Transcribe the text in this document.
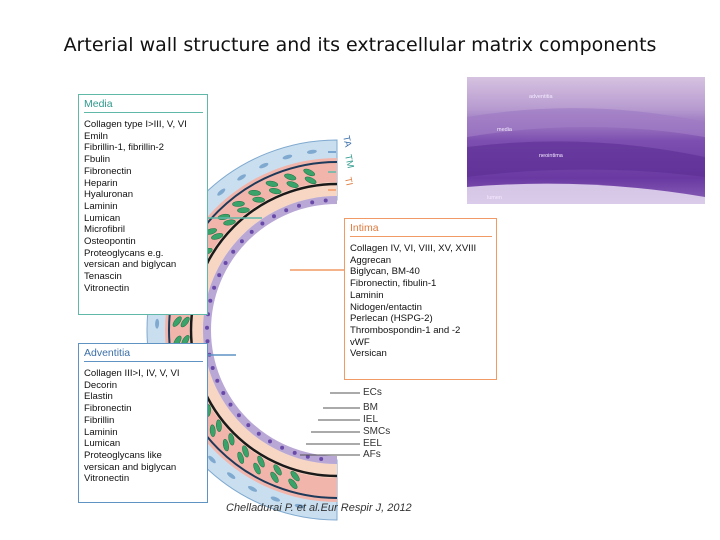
Arterial wall structure and its extracellular matrix components
Media
Collagen type I>III, V, VI
Emiln
Fibrillin-1, fibrillin-2
Fbulin
Fibronectin
Heparin
Hyaluronan
Laminin
Lumican
Microfibril
Osteopontin
Proteoglycans e.g.
versican and biglycan
Tenascin
Vitronectin
Adventitia
Collagen III>I, IV, V, VI
Decorin
Elastin
Fibronectin
Fibrillin
Laminin
Lumican
Proteoglycans like
versican and biglycan
Vitronectin
Intima
Collagen IV, VI, VIII, XV, XVIII
Aggrecan
Biglycan, BM-40
Fibronectin, fibulin-1
Laminin
Nidogen/entactin
Perlecan (HSPG-2)
Thrombospondin-1 and -2
vWF
Versican
TA
TM
TI
ECs
BM
IEL
SMCs
EEL
AFs
adventitia
media
neointima
lumen
Chelladurai P. et al.Eur Respir J, 2012
